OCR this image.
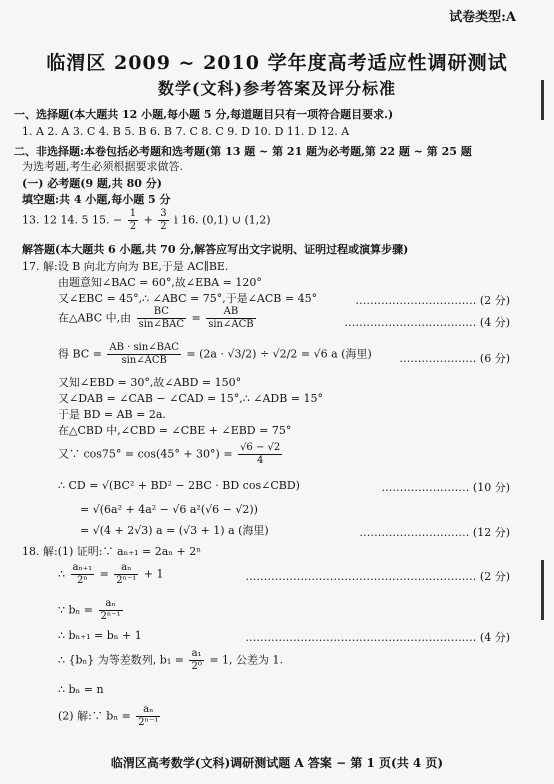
试卷类型:A
临渭区 2009 ~ 2010 学年度高考适应性调研测试
数学(文科)参考答案及评分标准
一、选择题(本大题共 12 小题,每小题 5 分,每道题目只有一项符合题目要求.)
1. A 2. A 3. C 4. B 5. B 6. B 7. C 8. C 9. D 10. D 11. D 12. A
二、非选择题:本卷包括必考题和选考题(第 13 题 ~ 第 21 题为必考题,第 22 题 ~ 第 25 题
为选考题,考生必须根据要求做答.
(一) 必考题(9 题,共 80 分)
填空题:共 4 小题,每小题 5 分
13. 12 14. 5 15. − $\frac{1}{2} + \frac{3}{2}$ i 16. (0,1) ∪ (1,2)
解答题(本大题共 6 小题,共 70 分,解答应写出文字说明、证明过程或演算步骤)
17. 解:设 B 向北方向为 BE,于是 AC∥BE.
由题意知∠BAC = 60°,故∠EBA = 120°
又∠EBC = 45°,∴ ∠ABC = 75°,于是∠ACB = 45°	…………………………… (2 分)
在△ABC 中,由 $\frac{BC}{\text{sin∠BAC}} = \frac{AB}{\text{sin∠ACB}}$	……………………………… (4 分)
得 BC = $\frac{\text{AB · sin∠BAC}}{\text{sin∠ACB}} = (2a \cdot √3/2) \div √2/2 = √6$ a (海里)	………………… (6 分)
又知∠EBD = 30°,故∠ABD = 150°
又∠DAB = ∠CAB − ∠CAD = 15°,∴ ∠ADB = 15°
于是 BD = AB = 2a.
在△CBD 中,∠CBD = ∠CBE + ∠EBD = 75°
又∵ $\cos 75^\circ = \cos(45^\circ + 30^\circ) = \frac{√6 - √2}{4}$
∴ CD = √(BC² + BD² − 2BC · BD cos∠CBD)	…………………… (10 分)
= √(6a² + 4a² − √6 a²(√6 − √2))
= √(4 + 2√3) a = (√3 + 1) a (海里)	………………………… (12 分)
18. 解:(1) 证明:∵ aₙ₊₁ = 2aₙ + 2ⁿ
∴ $\frac{\text{aₙ₊₁}}{\text{2ⁿ}} = \frac{\text{aₙ}}{\text{2ⁿ⁻¹}} + 1$	……………………………………………………… (2 分)
∵ $b_n = \frac{\text{aₙ}}{\text{2ⁿ⁻¹}}$
∴ bₙ₊₁ = bₙ + 1	……………………………………………………… (4 分)
∴ {bₙ} 为等差数列, $b_1 = \frac{\text{a₁}}{\text{2⁰}} = 1$, 公差为 1.
∴ bₙ = n
(2) 解:∵ $b_n = \frac{\text{aₙ}}{\text{2ⁿ⁻¹}}$
临渭区高考数学(文科)调研测试题 A 答案 − 第 1 页(共 4 页)
